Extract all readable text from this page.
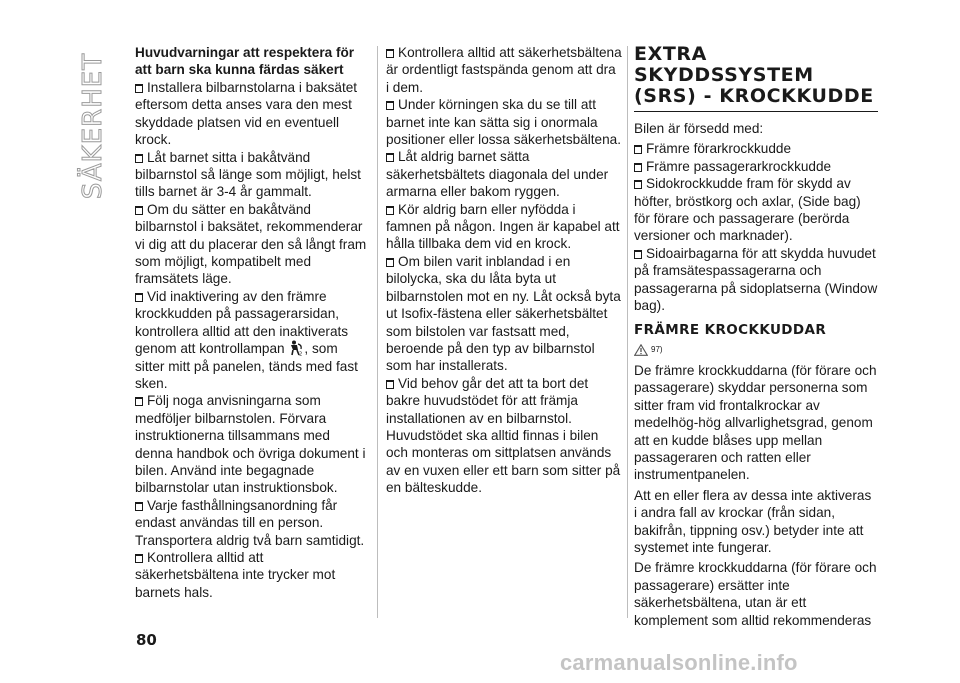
SÄKERHET
Huvudvarningar att respektera för att barn ska kunna färdas säkert

Installera bilbarnstolarna i baksätet eftersom detta anses vara den mest skyddade platsen vid en eventuell krock.

Låt barnet sitta i bakåtvänd bilbarnstol så länge som möjligt, helst tills barnet är 3-4 år gammalt.

Om du sätter en bakåtvänd bilbarnstol i baksätet, rekommenderar vi dig att du placerar den så långt fram som möjligt, kompatibelt med framsätets läge.

Vid inaktivering av den främre krockkudden på passagerarsidan, kontrollera alltid att den inaktiverats genom att kontrollampan	2 , som sitter mitt på panelen, tänds med fast sken.

Följ noga anvisningarna som medföljer bilbarnstolen. Förvara instruktionerna tillsammans med denna handbok och övriga dokument i bilen. Använd inte begagnade bilbarnstolar utan instruktionsbok.

Varje fasthållningsanordning får endast användas till en person. Transportera aldrig två barn samtidigt.

Kontrollera alltid att säkerhetsbältena inte trycker mot barnets hals.

Kontrollera alltid att säkerhetsbältena är ordentligt fastspända genom att dra i dem.

Under körningen ska du se till att barnet inte kan sätta sig i onormala positioner eller lossa säkerhetsbältena.

Låt aldrig barnet sätta säkerhetsbältets diagonala del under armarna eller bakom ryggen.

Kör aldrig barn eller nyfödda i famnen på någon. Ingen är kapabel att hålla tillbaka dem vid en krock.

Om bilen varit inblandad i en bilolycka, ska du låta byta ut bilbarnstolen mot en ny. Låt också byta ut Isofix-fästena eller säkerhetsbältet som bilstolen var fastsatt med, beroende på den typ av bilbarnstol som har installerats.

Vid behov går det att ta bort det bakre huvudstödet för att främja installationen av en bilbarnstol. Huvudstödet ska alltid finnas i bilen och monteras om sittplatsen används av en vuxen eller ett barn som sitter på en bälteskudde.

EXTRA SKYDDSSYSTEM (SRS) - KROCKKUDDE

Bilen är försedd med:

Främre förarkrockkudde

Främre passagerarkrockkudde

Sidokrockkudde fram för skydd av höfter, bröstkorg och axlar, (Side bag) för förare och passagerare (berörda versioner och marknader).

Sidoairbagarna för att skydda huvudet på framsätespassagerarna och passagerarna på sidoplatserna (Window bag).

FRÄMRE KROCKKUDDAR
97)

De främre krockkuddarna (för förare och passagerare) skyddar personerna som sitter fram vid frontalkrockar av medelhög-hög allvarlighetsgrad, genom att en kudde blåses upp mellan passageraren och ratten eller instrumentpanelen.

Att en eller flera av dessa inte aktiveras i andra fall av krockar (från sidan, bakifrån, tippning osv.) betyder inte att systemet inte fungerar.

De främre krockkuddarna (för förare och passagerare) ersätter inte säkerhetsbältena, utan är ett komplement som alltid rekommenderas

80
carmanualsonline.info
